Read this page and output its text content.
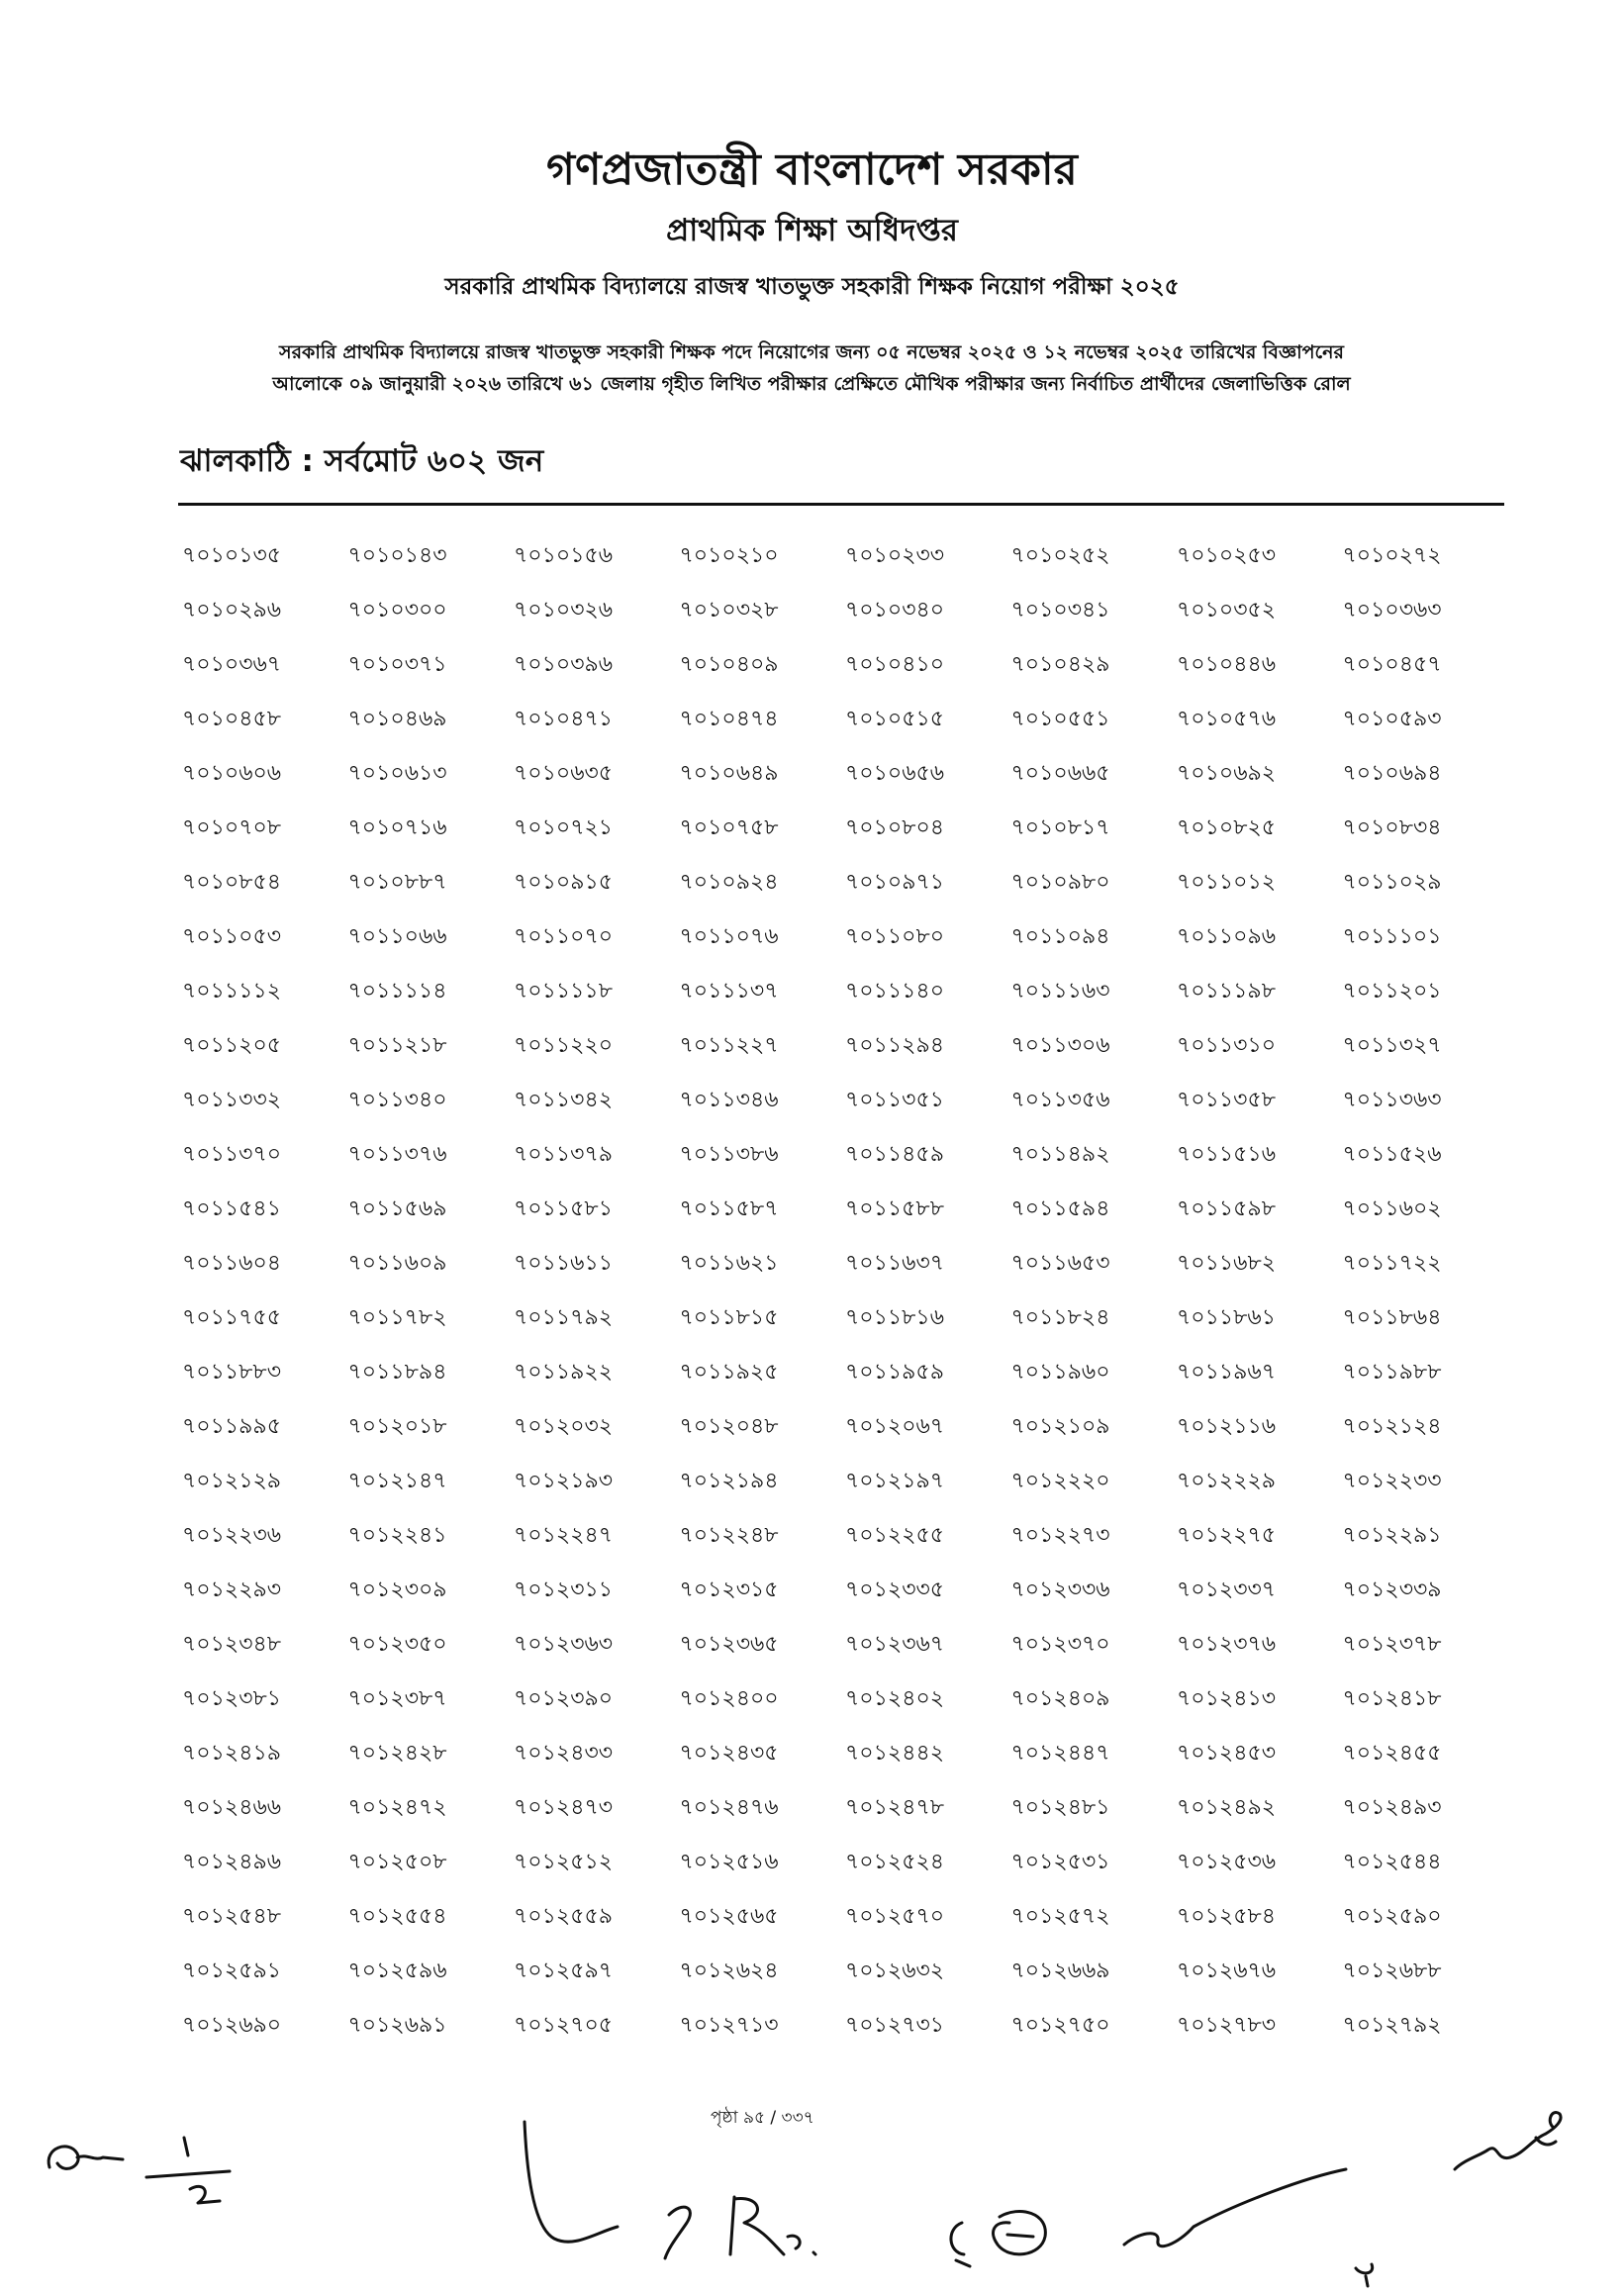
গণপ্রজাতন্ত্রী বাংলাদেশ সরকার
প্রাথমিক শিক্ষা অধিদপ্তর
সরকারি প্রাথমিক বিদ্যালয়ে রাজস্ব খাতভুক্ত সহকারী শিক্ষক নিয়োগ পরীক্ষা ২০২৫
সরকারি প্রাথমিক বিদ্যালয়ে রাজস্ব খাতভুক্ত সহকারী শিক্ষক পদে নিয়োগের জন্য ০৫ নভেম্বর ২০২৫ ও ১২ নভেম্বর ২০২৫ তারিখের বিজ্ঞাপনের
আলোকে ০৯ জানুয়ারী ২০২৬ তারিখে ৬১ জেলায় গৃহীত লিখিত পরীক্ষার প্রেক্ষিতে মৌখিক পরীক্ষার জন্য নির্বাচিত প্রার্থীদের জেলাভিত্তিক রোল
ঝালকাঠি : সর্বমোট ৬০২ জন
৭০১০১৩৫	৭০১০১৪৩	৭০১০১৫৬	৭০১০২১০	৭০১০২৩৩	৭০১০২৫২	৭০১০২৫৩	৭০১০২৭২
৭০১০২৯৬	৭০১০৩০০	৭০১০৩২৬	৭০১০৩২৮	৭০১০৩৪০	৭০১০৩৪১	৭০১০৩৫২	৭০১০৩৬৩
৭০১০৩৬৭	৭০১০৩৭১	৭০১০৩৯৬	৭০১০৪০৯	৭০১০৪১০	৭০১০৪২৯	৭০১০৪৪৬	৭০১০৪৫৭
৭০১০৪৫৮	৭০১০৪৬৯	৭০১০৪৭১	৭০১০৪৭৪	৭০১০৫১৫	৭০১০৫৫১	৭০১০৫৭৬	৭০১০৫৯৩
৭০১০৬০৬	৭০১০৬১৩	৭০১০৬৩৫	৭০১০৬৪৯	৭০১০৬৫৬	৭০১০৬৬৫	৭০১০৬৯২	৭০১০৬৯৪
৭০১০৭০৮	৭০১০৭১৬	৭০১০৭২১	৭০১০৭৫৮	৭০১০৮০৪	৭০১০৮১৭	৭০১০৮২৫	৭০১০৮৩৪
৭০১০৮৫৪	৭০১০৮৮৭	৭০১০৯১৫	৭০১০৯২৪	৭০১০৯৭১	৭০১০৯৮০	৭০১১০১২	৭০১১০২৯
৭০১১০৫৩	৭০১১০৬৬	৭০১১০৭০	৭০১১০৭৬	৭০১১০৮০	৭০১১০৯৪	৭০১১০৯৬	৭০১১১০১
৭০১১১১২	৭০১১১১৪	৭০১১১১৮	৭০১১১৩৭	৭০১১১৪০	৭০১১১৬৩	৭০১১১৯৮	৭০১১২০১
৭০১১২০৫	৭০১১২১৮	৭০১১২২০	৭০১১২২৭	৭০১১২৯৪	৭০১১৩০৬	৭০১১৩১০	৭০১১৩২৭
৭০১১৩৩২	৭০১১৩৪০	৭০১১৩৪২	৭০১১৩৪৬	৭০১১৩৫১	৭০১১৩৫৬	৭০১১৩৫৮	৭০১১৩৬৩
৭০১১৩৭০	৭০১১৩৭৬	৭০১১৩৭৯	৭০১১৩৮৬	৭০১১৪৫৯	৭০১১৪৯২	৭০১১৫১৬	৭০১১৫২৬
৭০১১৫৪১	৭০১১৫৬৯	৭০১১৫৮১	৭০১১৫৮৭	৭০১১৫৮৮	৭০১১৫৯৪	৭০১১৫৯৮	৭০১১৬০২
৭০১১৬০৪	৭০১১৬০৯	৭০১১৬১১	৭০১১৬২১	৭০১১৬৩৭	৭০১১৬৫৩	৭০১১৬৮২	৭০১১৭২২
৭০১১৭৫৫	৭০১১৭৮২	৭০১১৭৯২	৭০১১৮১৫	৭০১১৮১৬	৭০১১৮২৪	৭০১১৮৬১	৭০১১৮৬৪
৭০১১৮৮৩	৭০১১৮৯৪	৭০১১৯২২	৭০১১৯২৫	৭০১১৯৫৯	৭০১১৯৬০	৭০১১৯৬৭	৭০১১৯৮৮
৭০১১৯৯৫	৭০১২০১৮	৭০১২০৩২	৭০১২০৪৮	৭০১২০৬৭	৭০১২১০৯	৭০১২১১৬	৭০১২১২৪
৭০১২১২৯	৭০১২১৪৭	৭০১২১৯৩	৭০১২১৯৪	৭০১২১৯৭	৭০১২২২০	৭০১২২২৯	৭০১২২৩৩
৭০১২২৩৬	৭০১২২৪১	৭০১২২৪৭	৭০১২২৪৮	৭০১২২৫৫	৭০১২২৭৩	৭০১২২৭৫	৭০১২২৯১
৭০১২২৯৩	৭০১২৩০৯	৭০১২৩১১	৭০১২৩১৫	৭০১২৩৩৫	৭০১২৩৩৬	৭০১২৩৩৭	৭০১২৩৩৯
৭০১২৩৪৮	৭০১২৩৫০	৭০১২৩৬৩	৭০১২৩৬৫	৭০১২৩৬৭	৭০১২৩৭০	৭০১২৩৭৬	৭০১২৩৭৮
৭০১২৩৮১	৭০১২৩৮৭	৭০১২৩৯০	৭০১২৪০০	৭০১২৪০২	৭০১২৪০৯	৭০১২৪১৩	৭০১২৪১৮
৭০১২৪১৯	৭০১২৪২৮	৭০১২৪৩৩	৭০১২৪৩৫	৭০১২৪৪২	৭০১২৪৪৭	৭০১২৪৫৩	৭০১২৪৫৫
৭০১২৪৬৬	৭০১২৪৭২	৭০১২৪৭৩	৭০১২৪৭৬	৭০১২৪৭৮	৭০১২৪৮১	৭০১২৪৯২	৭০১২৪৯৩
৭০১২৪৯৬	৭০১২৫০৮	৭০১২৫১২	৭০১২৫১৬	৭০১২৫২৪	৭০১২৫৩১	৭০১২৫৩৬	৭০১২৫৪৪
৭০১২৫৪৮	৭০১২৫৫৪	৭০১২৫৫৯	৭০১২৫৬৫	৭০১২৫৭০	৭০১২৫৭২	৭০১২৫৮৪	৭০১২৫৯০
৭০১২৫৯১	৭০১২৫৯৬	৭০১২৫৯৭	৭০১২৬২৪	৭০১২৬৩২	৭০১২৬৬৯	৭০১২৬৭৬	৭০১২৬৮৮
৭০১২৬৯০	৭০১২৬৯১	৭০১২৭০৫	৭০১২৭১৩	৭০১২৭৩১	৭০১২৭৫০	৭০১২৭৮৩	৭০১২৭৯২
পৃষ্ঠা ৯৫ / ৩৩৭
